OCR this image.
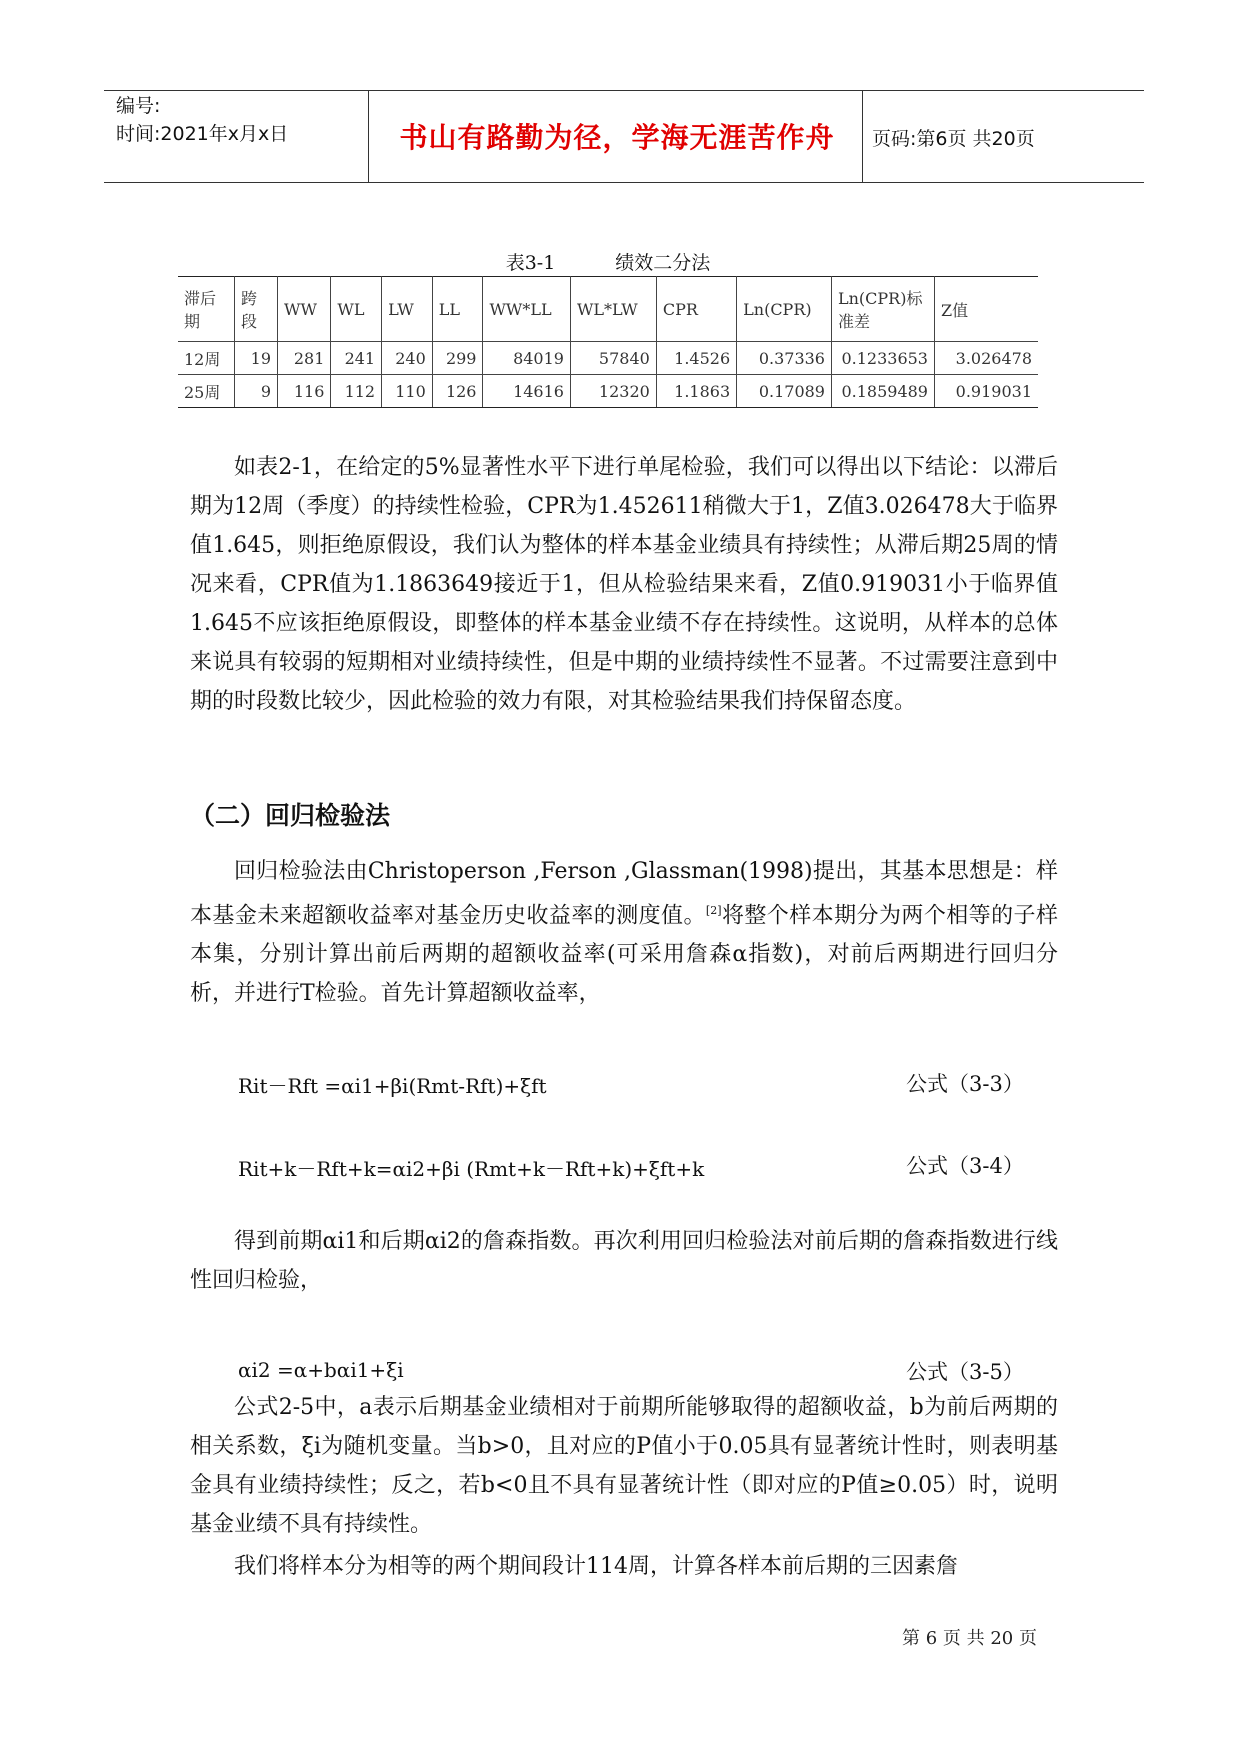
编号:
时间:2021年x月x日	书山有路勤为径，学海无涯苦作舟	页码:第6页 共20页
表3-1	绩效二分法
滞后期	跨段	WW	WL	LW	LL	WW*LL	WL*LW	CPR	Ln(CPR)	Ln(CPR)标准差	Z值
12周	19	281	241	240	299	84019	57840	1.4526	0.37336	0.1233653	3.026478
25周	9	116	112	110	126	14616	12320	1.1863	0.17089	0.1859489	0.919031
如表2-1，在给定的5%显著性水平下进行单尾检验，我们可以得出以下结论：以滞后期为12周（季度）的持续性检验，CPR为1.452611稍微大于1，Z值3.026478大于临界值1.645，则拒绝原假设，我们认为整体的样本基金业绩具有持续性；从滞后期25周的情况来看，CPR值为1.1863649接近于1，但从检验结果来看，Z值0.919031小于临界值1.645不应该拒绝原假设，即整体的样本基金业绩不存在持续性。这说明，从样本的总体来说具有较弱的短期相对业绩持续性，但是中期的业绩持续性不显著。不过需要注意到中期的时段数比较少，因此检验的效力有限，对其检验结果我们持保留态度。
（二）回归检验法
回归检验法由Christoperson ,Ferson ,Glassman(1998)提出，其基本思想是：样本基金未来超额收益率对基金历史收益率的测度值。[2]将整个样本期分为两个相等的子样本集，分别计算出前后两期的超额收益率(可采用詹森α指数)，对前后两期进行回归分析，并进行T检验。首先计算超额收益率，
Rit－Rft =αi1+βi(Rmt-Rft)+ξft	公式（3-3）
Rit+k－Rft+k=αi2+βi (Rmt+k－Rft+k)+ξft+k	公式（3-4）
得到前期αi1和后期αi2的詹森指数。再次利用回归检验法对前后期的詹森指数进行线性回归检验，
αi2 =α+bαi1+ξi	公式（3-5）
公式2-5中，a表示后期基金业绩相对于前期所能够取得的超额收益，b为前后两期的相关系数，ξi为随机变量。当b>0，且对应的P值小于0.05具有显著统计性时，则表明基金具有业绩持续性；反之，若b<0且不具有显著统计性（即对应的P值≥0.05）时，说明基金业绩不具有持续性。
我们将样本分为相等的两个期间段计114周，计算各样本前后期的三因素詹
第 6 页 共 20 页
